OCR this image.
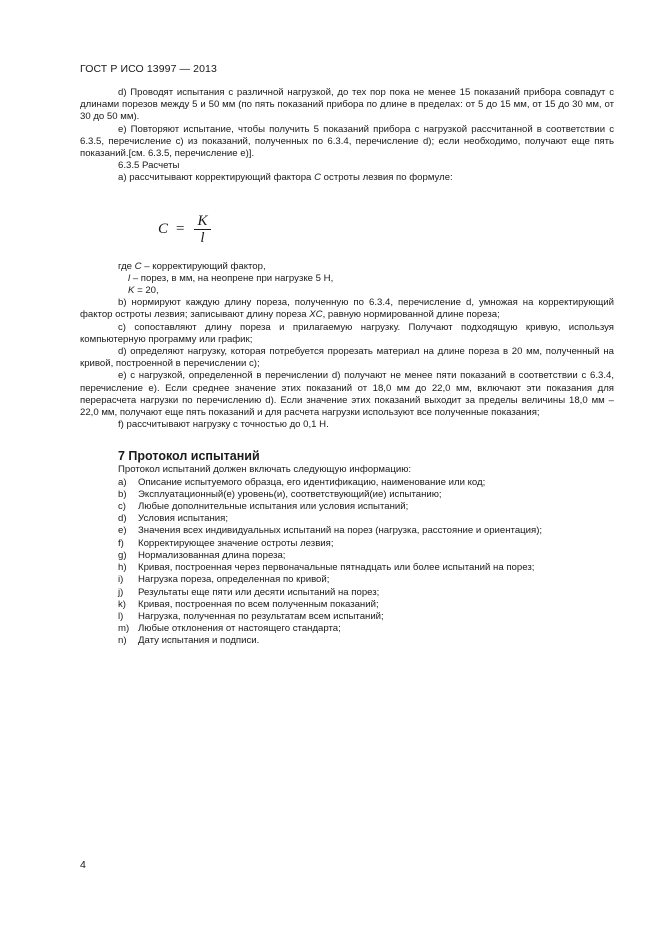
ГОСТ Р ИСО 13997 — 2013

d) Проводят испытания с различной нагрузкой, до тех пор пока не менее 15 показаний прибора совпадут с длинами порезов между 5 и 50 мм (по пять показаний прибора по длине в пределах: от 5 до 15 мм, от 15 до 30 мм, от 30 до 50 мм).

e) Повторяют испытание, чтобы получить 5 показаний прибора с нагрузкой рассчитанной в соответствии с 6.3.5, перечисление с) из показаний, полученных по 6.3.4, перечисление d); если необходимо, получают еще пять показаний.[см. 6.3.5, перечисление е)].

6.3.5 Расчеты

а) рассчитывают корректирующий фактора C остроты лезвия по формуле:

$C = \frac{K}{l}$

где C – корректирующий фактор,

l – порез, в мм, на неопрене при нагрузке 5 Н,

K = 20,

b) нормируют каждую длину пореза, полученную по 6.3.4, перечисление d, умножая на корректирующий фактор остроты лезвия; записывают длину пореза XC, равную нормированной длине пореза;

c) сопоставляют длину пореза и прилагаемую нагрузку. Получают подходящую кривую, используя компьютерную программу или график;

d) определяют нагрузку, которая потребуется прорезать материал на длине пореза в 20 мм, полученный на кривой, построенной в перечислении с);

е) с нагрузкой, определенной в перечислении d) получают не менее пяти показаний в соответствии с 6.3.4, перечисление е). Если среднее значение этих показаний от 18,0 мм до 22,0 мм, включают эти показания для перерасчета нагрузки по перечислению d). Если значение этих показаний выходит за пределы величины 18,0 мм – 22,0 мм, получают еще пять показаний и для расчета нагрузки используют все полученные показания;

f) рассчитывают нагрузку с точностью до 0,1 Н.

7 Протокол испытаний

Протокол испытаний должен включать следующую информацию:

a)	Описание испытуемого образца, его идентификацию, наименование или код;
b)	Эксплуатационный(е) уровень(и), соответствующий(ие) испытанию;
c)	Любые дополнительные испытания или условия испытаний;
d)	Условия испытания;
e)	Значения всех индивидуальных испытаний на порез (нагрузка, расстояние и ориентация);
f)	Корректирующее значение остроты лезвия;
g)	Нормализованная длина пореза;
h)	Кривая, построенная через первоначальные пятнадцать или более испытаний на порез;
i)	Нагрузка пореза, определенная по кривой;
j)	Результаты еще пяти или десяти испытаний на порез;
k)	Кривая, построенная по всем полученным показаний;
l)	Нагрузка, полученная по результатам всем испытаний;
m) Любые отклонения от настоящего стандарта;
n)	Дату испытания и подписи.
4
